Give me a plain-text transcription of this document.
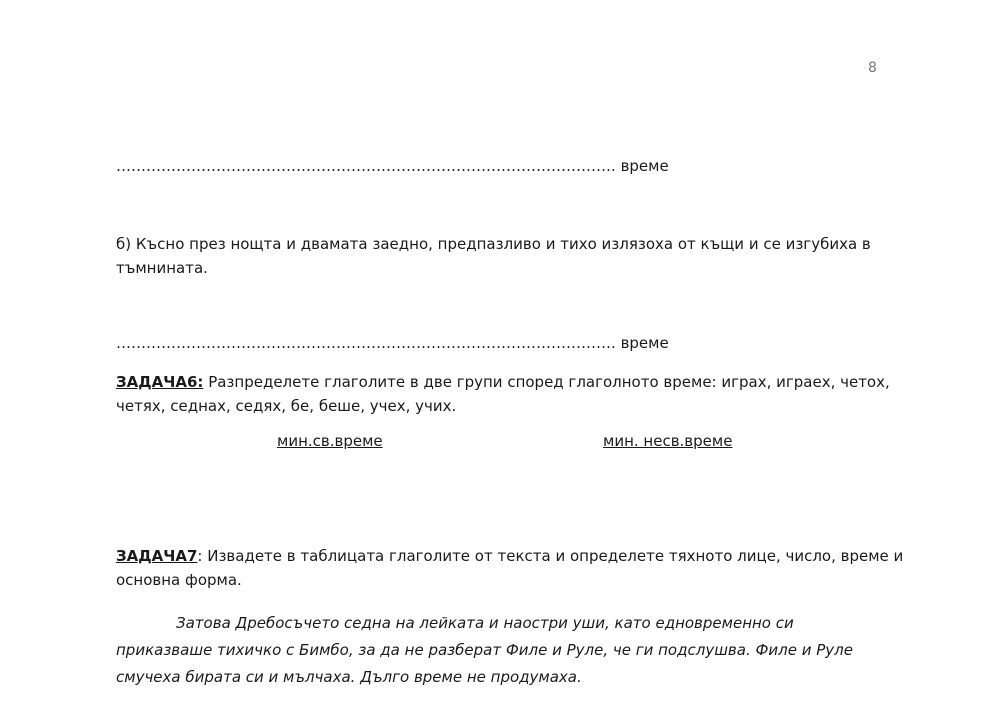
8
………………………………………………………………………………………. време
б) Късно през нощта и двамата заедно, предпазливо и тихо излязоха от къщи и се изгубиха в
тъмнината.
………………………………………………………………………………………. време
ЗАДАЧА6: Разпределете глаголите в две групи според глаголното време: играх, играех, четох,
четях, седнах, седях, бе, беше, учех, учих.
мин.св.време	мин. несв.време
ЗАДАЧА7: Извадете в таблицата глаголите от текста и определете тяхното лице, число, време и
основна форма.
Затова Дребосъчето седна на лейката и наостри уши, като едновременно си
приказваше тихичко с Бимбо, за да не разберат Филе и Руле, че ги подслушва. Филе и Руле
смучеха бирата си и мълчаха. Дълго време не продумаха.
